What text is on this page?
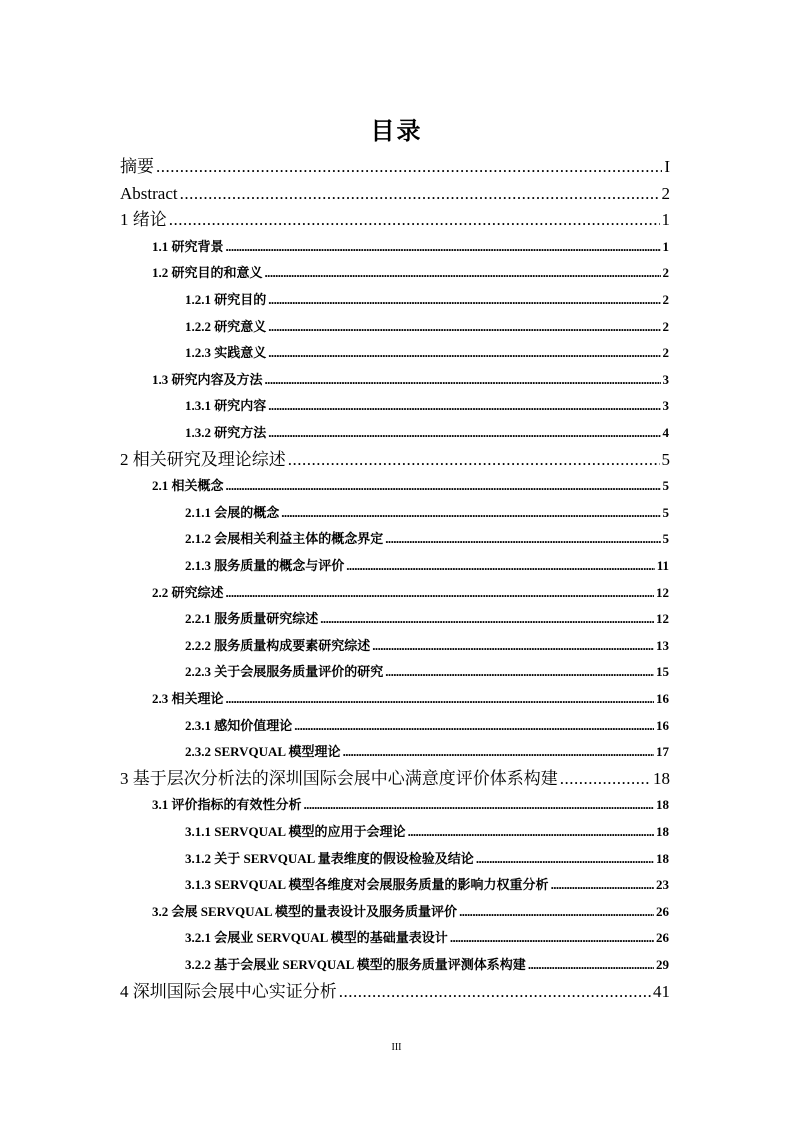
目录
摘要 .....	I
Abstract .....	2
1 绪论 .....	1
1.1 研究背景 .....	1
1.2 研究目的和意义 .....	2
1.2.1 研究目的 .....	2
1.2.2 研究意义 .....	2
1.2.3 实践意义 .....	2
1.3 研究内容及方法 .....	3
1.3.1 研究内容 .....	3
1.3.2 研究方法 .....	4
2 相关研究及理论综述 .....	5
2.1 相关概念 .....	5
2.1.1 会展的概念 .....	5
2.1.2 会展相关利益主体的概念界定 .....	5
2.1.3 服务质量的概念与评价 .....	11
2.2 研究综述 .....	12
2.2.1 服务质量研究综述 .....	12
2.2.2 服务质量构成要素研究综述 .....	13
2.2.3 关于会展服务质量评价的研究 .....	15
2.3 相关理论 .....	16
2.3.1 感知价值理论 .....	16
2.3.2 SERVQUAL 模型理论 .....	17
3 基于层次分析法的深圳国际会展中心满意度评价体系构建 .....	18
3.1 评价指标的有效性分析 .....	18
3.1.1 SERVQUAL 模型的应用于会理论 .....	18
3.1.2 关于 SERVQUAL 量表维度的假设检验及结论 .....	18
3.1.3 SERVQUAL 模型各维度对会展服务质量的影响力权重分析 .....	23
3.2 会展 SERVQUAL 模型的量表设计及服务质量评价 .....	26
3.2.1 会展业 SERVQUAL 模型的基础量表设计 .....	26
3.2.2 基于会展业 SERVQUAL 模型的服务质量评测体系构建 .....	29
4 深圳国际会展中心实证分析 .....	41
III
